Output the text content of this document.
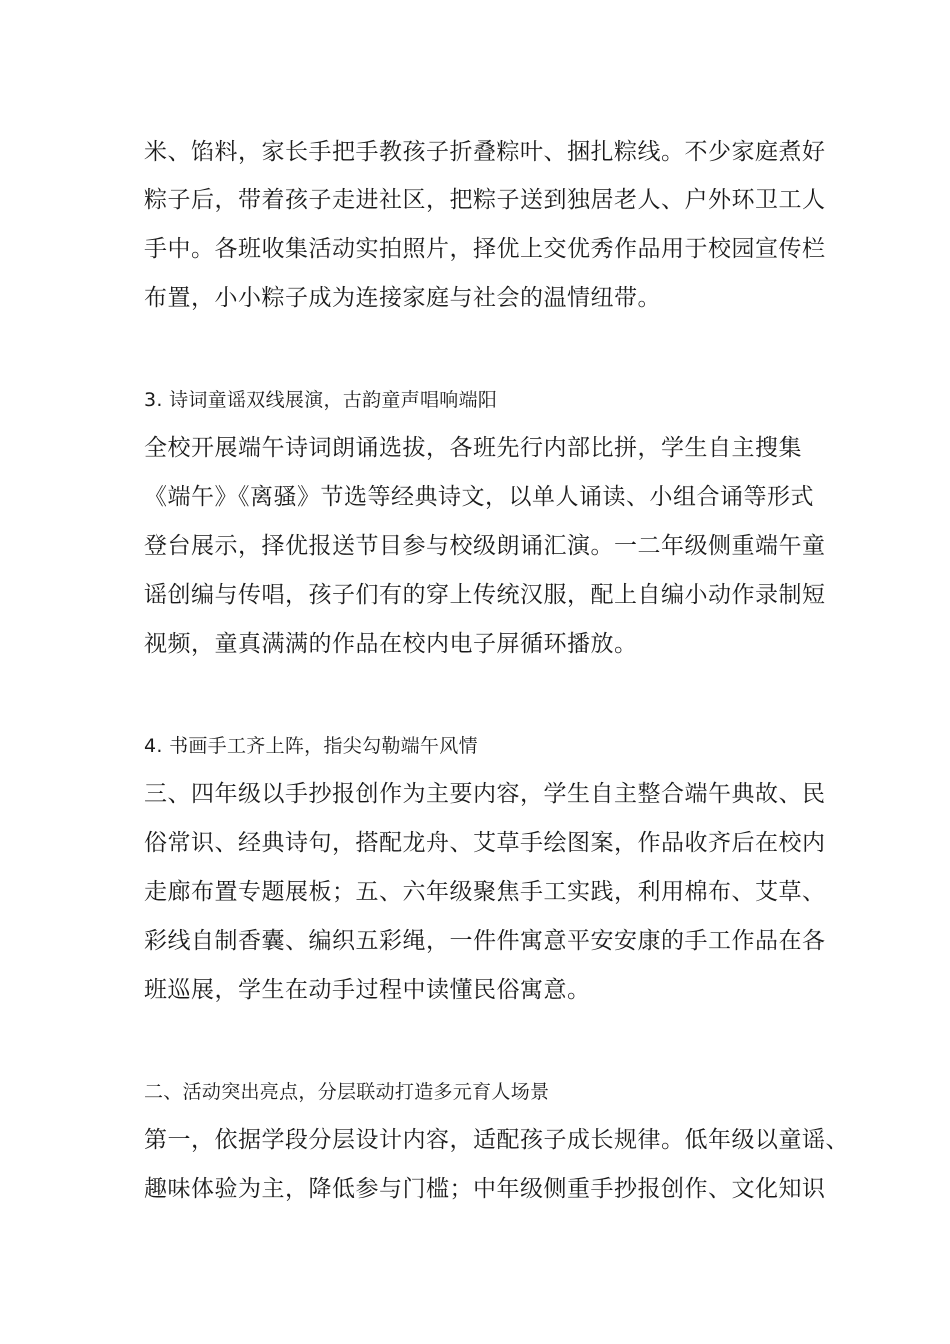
米、馅料，家长手把手教孩子折叠粽叶、捆扎粽线。不少家庭煮好
粽子后，带着孩子走进社区，把粽子送到独居老人、户外环卫工人
手中。各班收集活动实拍照片，择优上交优秀作品用于校园宣传栏
布置，小小粽子成为连接家庭与社会的温情纽带。
3. 诗词童谣双线展演，古韵童声唱响端阳
全校开展端午诗词朗诵选拔，各班先行内部比拼，学生自主搜集
《端午》《离骚》节选等经典诗文，以单人诵读、小组合诵等形式
登台展示，择优报送节目参与校级朗诵汇演。一二年级侧重端午童
谣创编与传唱，孩子们有的穿上传统汉服，配上自编小动作录制短
视频，童真满满的作品在校内电子屏循环播放。
4. 书画手工齐上阵，指尖勾勒端午风情
三、四年级以手抄报创作为主要内容，学生自主整合端午典故、民
俗常识、经典诗句，搭配龙舟、艾草手绘图案，作品收齐后在校内
走廊布置专题展板；五、六年级聚焦手工实践，利用棉布、艾草、
彩线自制香囊、编织五彩绳，一件件寓意平安安康的手工作品在各
班巡展，学生在动手过程中读懂民俗寓意。
二、活动突出亮点，分层联动打造多元育人场景
第一，依据学段分层设计内容，适配孩子成长规律。低年级以童谣、
趣味体验为主，降低参与门槛；中年级侧重手抄报创作、文化知识
